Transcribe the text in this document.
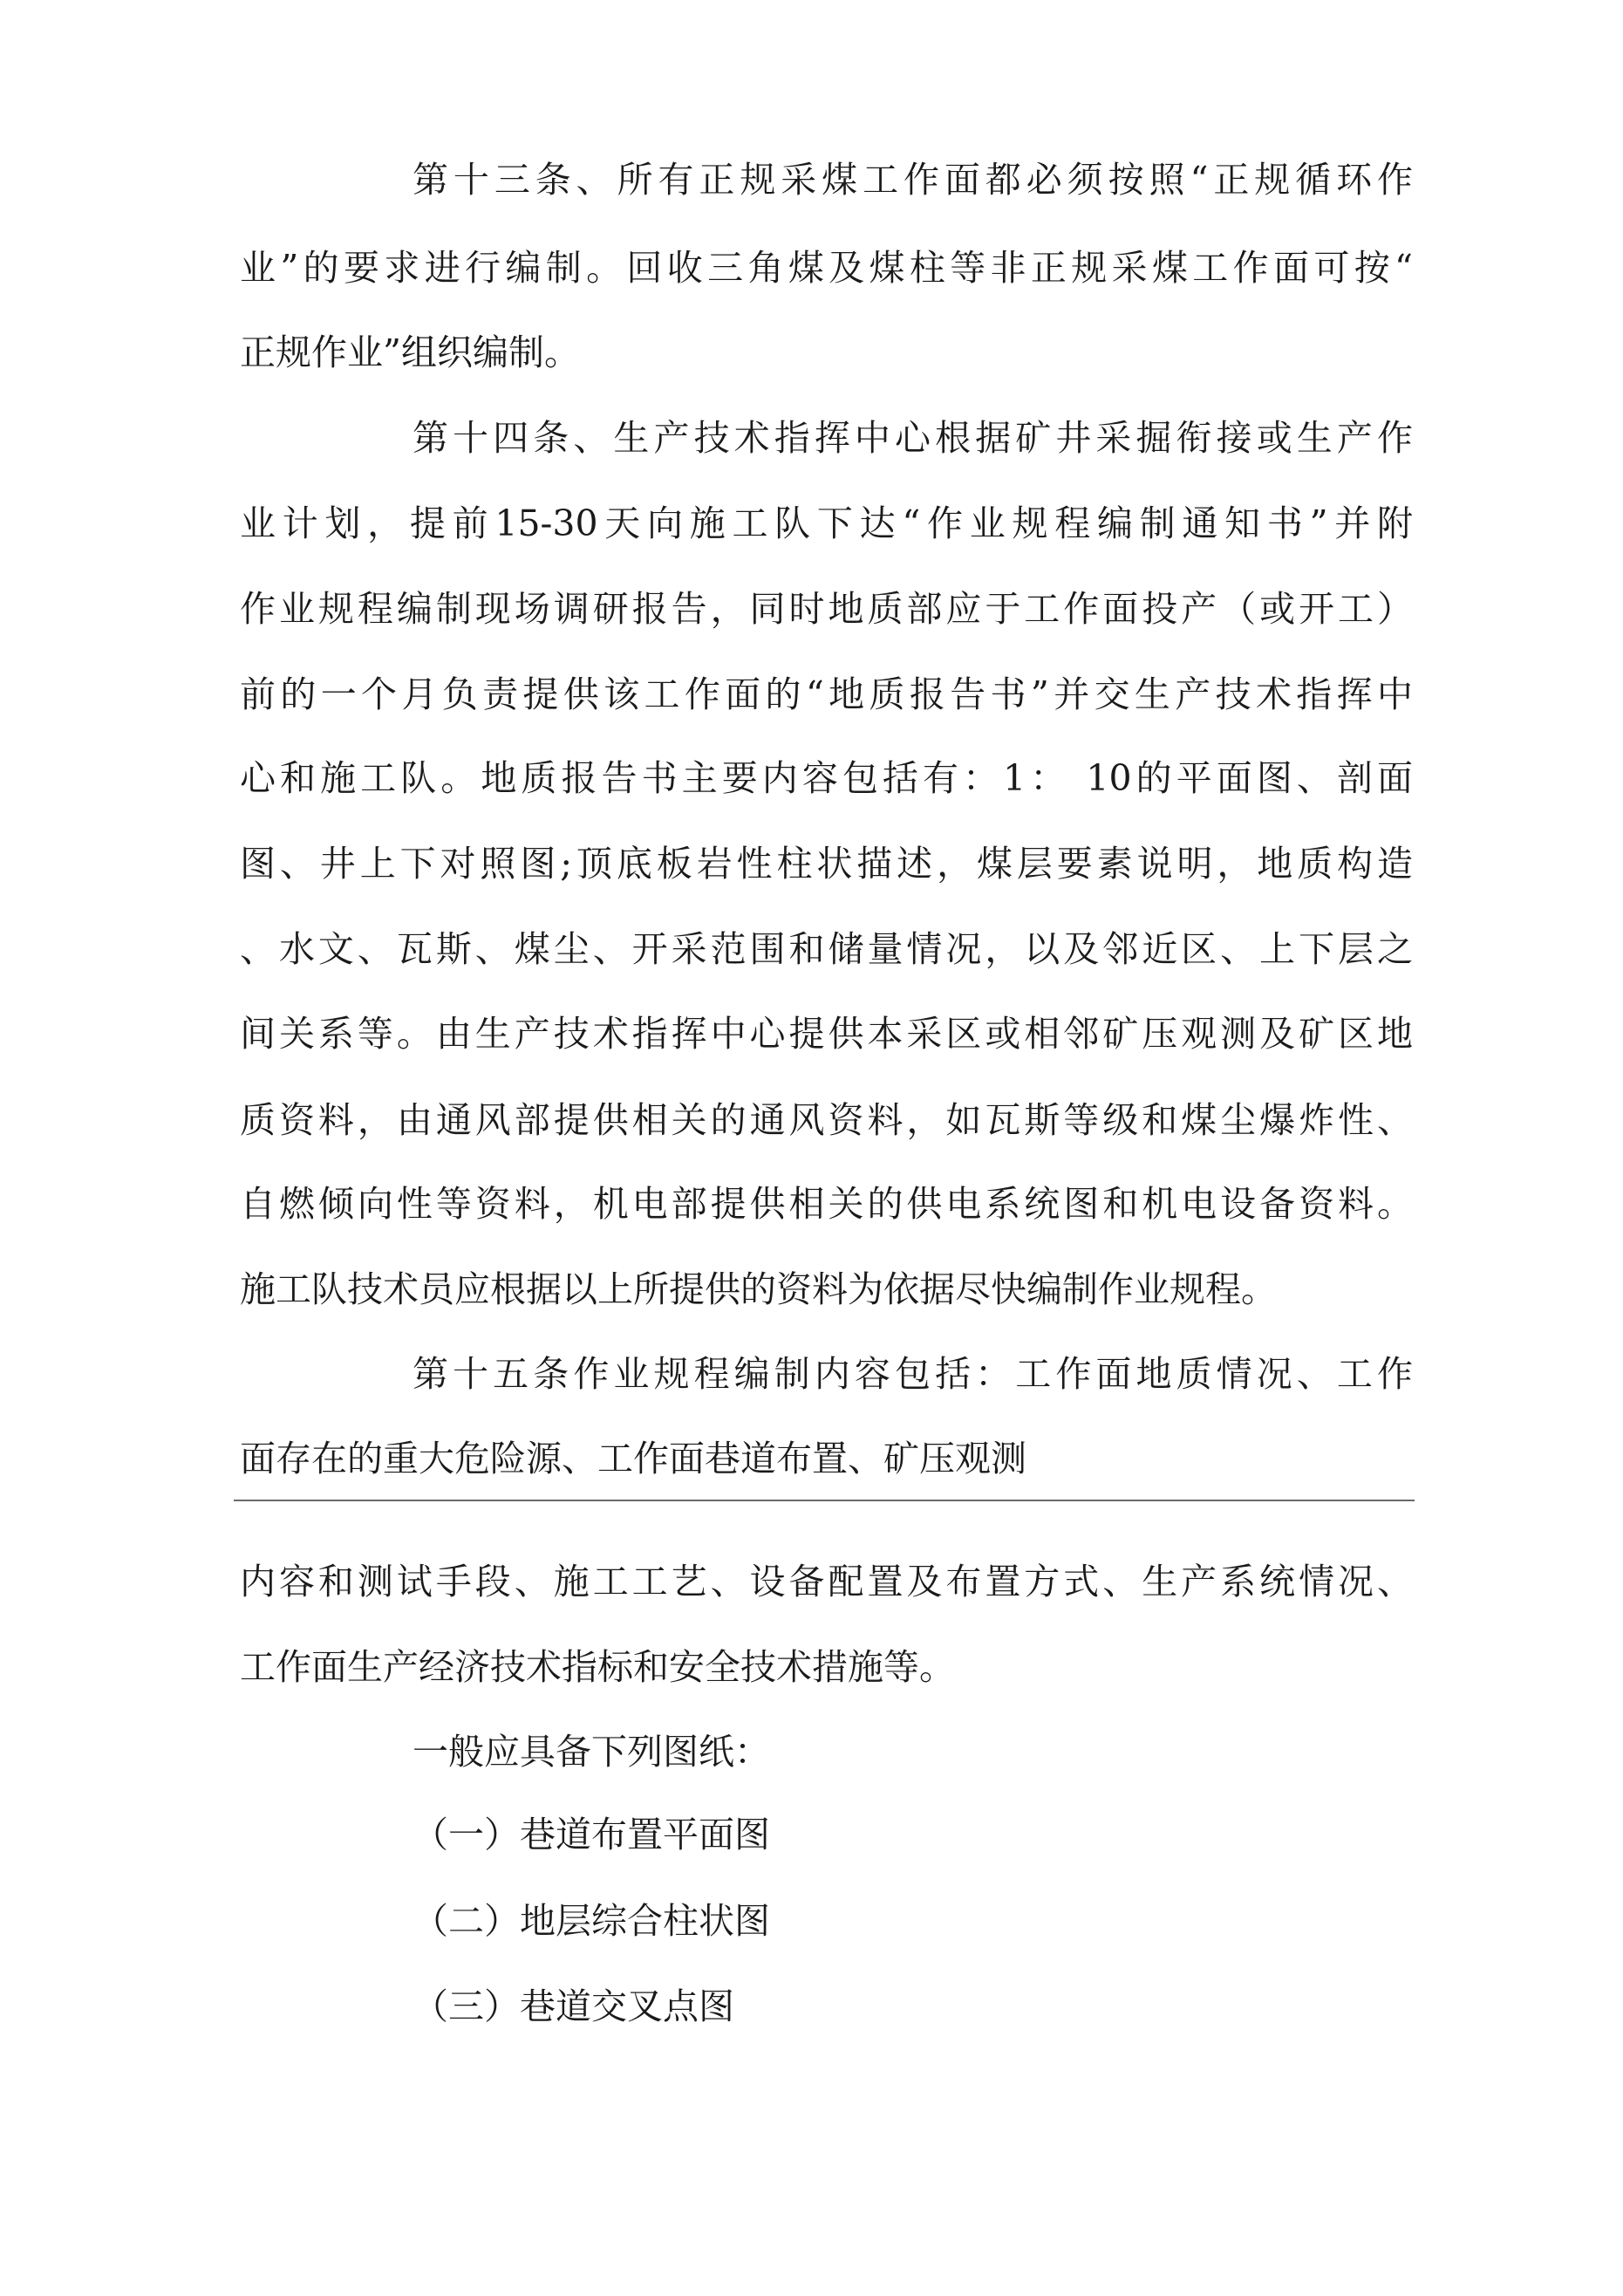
第十三条、所有正规采煤工作面都必须按照“正规循环作
业”的要求进行编制。回收三角煤及煤柱等非正规采煤工作面可按“
正规作业”组织编制。
第十四条、生产技术指挥中心根据矿井采掘衔接或生产作
业计划，提前15-30天向施工队下达“作业规程编制通知书”并附
作业规程编制现场调研报告，同时地质部应于工作面投产（或开工）
前的一个月负责提供该工作面的“地质报告书”并交生产技术指挥中
心和施工队。地质报告书主要内容包括有：1： 10的平面图、剖面
图、井上下对照图;顶底板岩性柱状描述，煤层要素说明，地质构造
、水文、瓦斯、煤尘、开采范围和储量情况，以及邻近区、上下层之
间关系等。由生产技术指挥中心提供本采区或相邻矿压观测及矿区地
质资料，由通风部提供相关的通风资料，如瓦斯等级和煤尘爆炸性、
自燃倾向性等资料，机电部提供相关的供电系统图和机电设备资料。
施工队技术员应根据以上所提供的资料为依据尽快编制作业规程。
第十五条作业规程编制内容包括：工作面地质情况、工作
面存在的重大危险源、工作面巷道布置、矿压观测
内容和测试手段、施工工艺、设备配置及布置方式、生产系统情况、
工作面生产经济技术指标和安全技术措施等。
一般应具备下列图纸：
（一）巷道布置平面图
（二）地层综合柱状图
（三）巷道交叉点图
